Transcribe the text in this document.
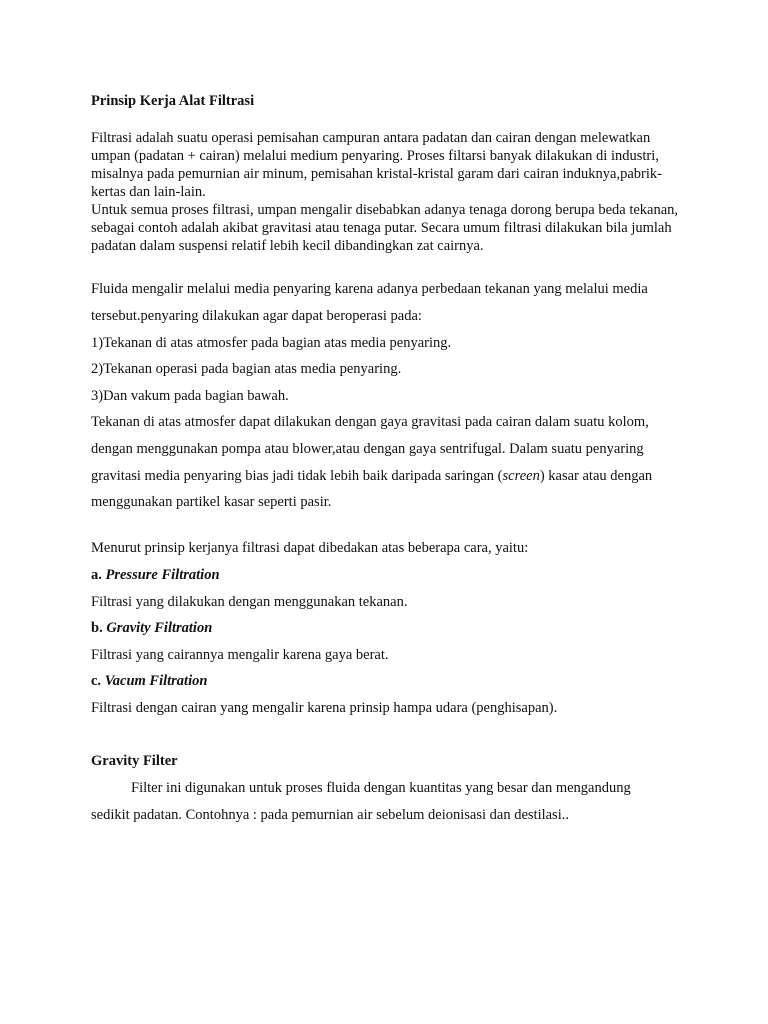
Prinsip Kerja Alat Filtrasi

Filtrasi adalah suatu operasi pemisahan campuran antara padatan dan cairan dengan melewatkan umpan (padatan + cairan) melalui medium penyaring. Proses filtarsi banyak dilakukan di industri, misalnya pada pemurnian air minum, pemisahan kristal-kristal garam dari cairan induknya,pabrik-kertas dan lain-lain.

Untuk semua proses filtrasi, umpan mengalir disebabkan adanya tenaga dorong berupa beda tekanan, sebagai contoh adalah akibat gravitasi atau tenaga putar. Secara umum filtrasi dilakukan bila jumlah padatan dalam suspensi relatif lebih kecil dibandingkan zat cairnya.

Fluida mengalir melalui media penyaring karena adanya perbedaan tekanan yang melalui media

tersebut.penyaring dilakukan agar dapat beroperasi pada:

1)Tekanan di atas atmosfer pada bagian atas media penyaring.

2)Tekanan operasi pada bagian atas media penyaring.

3)Dan vakum pada bagian bawah.

Tekanan di atas atmosfer dapat dilakukan dengan gaya gravitasi pada cairan dalam suatu kolom,

dengan menggunakan pompa atau blower,atau dengan gaya sentrifugal. Dalam suatu penyaring

gravitasi media penyaring bias jadi tidak lebih baik daripada saringan (screen) kasar atau dengan

menggunakan partikel kasar seperti pasir.

Menurut prinsip kerjanya filtrasi dapat dibedakan atas beberapa cara, yaitu:

a. Pressure Filtration

Filtrasi yang dilakukan dengan menggunakan tekanan.

b. Gravity Filtration

Filtrasi yang cairannya mengalir karena gaya berat.

c. Vacum Filtration

Filtrasi dengan cairan yang mengalir karena prinsip hampa udara (penghisapan).

Gravity Filter

Filter ini digunakan untuk proses fluida dengan kuantitas yang besar dan mengandung

sedikit padatan. Contohnya : pada pemurnian air sebelum deionisasi dan destilasi..
